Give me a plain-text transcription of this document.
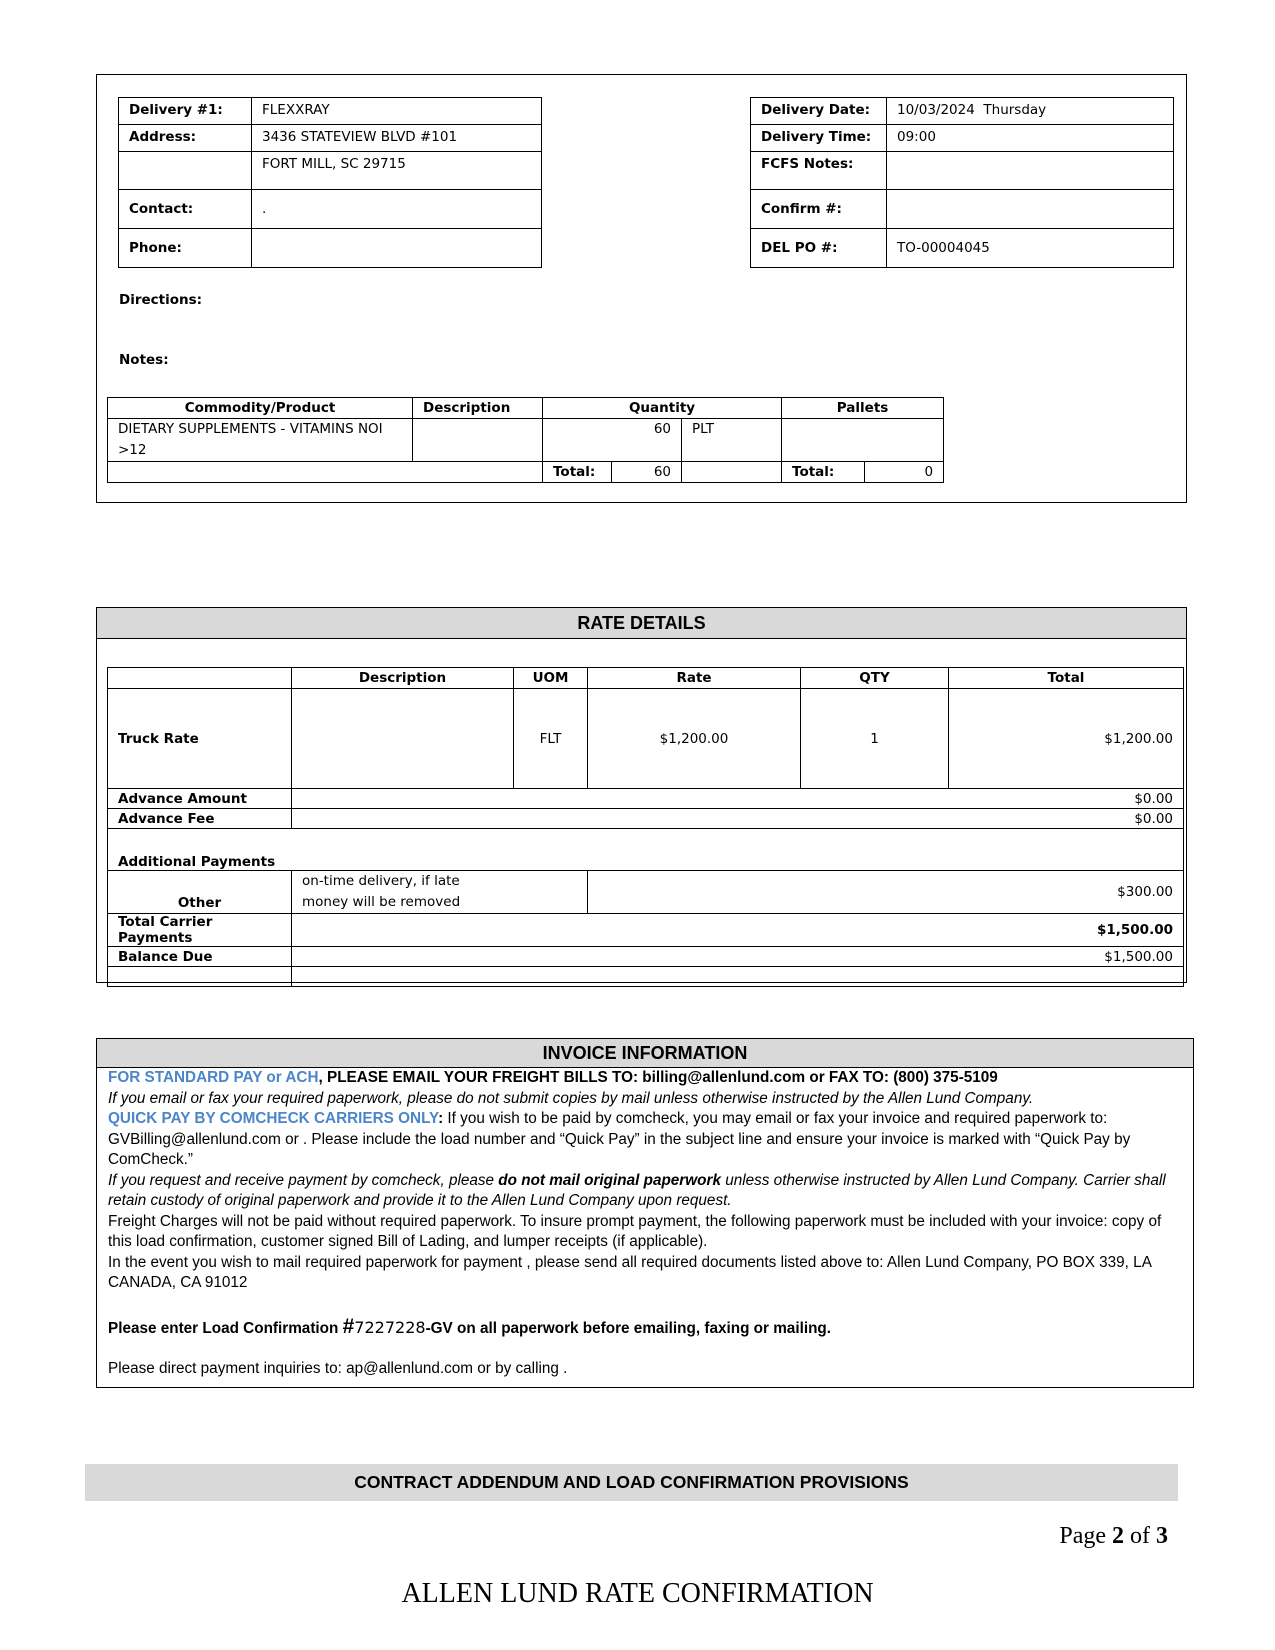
Delivery #1:	FLEXXRAY
Address:	3436 STATEVIEW BLVD #101
	FORT MILL, SC 29715
Contact:	.
Phone:	
Delivery Date:	10/03/2024  Thursday
Delivery Time:	09:00
FCFS Notes:	
Confirm #:	
DEL PO #:	TO-00004045
Directions:
Notes:
Commodity/Product	Description	Quantity			Pallets	

DIETARY SUPPLEMENTS - VITAMINS NOI
>12		60		PLT		
		Total:	60		Total:	0
RATE DETAILS
	Description	UOM	Rate	QTY	Total
Truck Rate		FLT	$1,200.00	1	$1,200.00
Advance Amount	$0.00				
Advance Fee	$0.00				
Additional Payments					
Other	on-time delivery, if late
money will be removed		$300.00		
Total Carrier Payments	$1,500.00				
Balance Due	$1,500.00				

INVOICE INFORMATION

FOR STANDARD PAY or ACH, PLEASE EMAIL YOUR FREIGHT BILLS TO: billing@allenlund.com or FAX TO: (800) 375-5109

If you email or fax your required paperwork, please do not submit copies by mail unless otherwise instructed by the Allen Lund Company.

QUICK PAY BY COMCHECK CARRIERS ONLY: If you wish to be paid by comcheck, you may email or fax your invoice and required paperwork to: GVBilling@allenlund.com or . Please include the load number and “Quick Pay” in the subject line and ensure your invoice is marked with “Quick Pay by ComCheck.”

If you request and receive payment by comcheck, please do not mail original paperwork unless otherwise instructed by Allen Lund Company. Carrier shall retain custody of original paperwork and provide it to the Allen Lund Company upon request.

Freight Charges will not be paid without required paperwork. To insure prompt payment, the following paperwork must be included with your invoice: copy of this load confirmation, customer signed Bill of Lading, and lumper receipts (if applicable).

In the event you wish to mail required paperwork for payment , please send all required documents listed above to: Allen Lund Company, PO BOX 339, LA CANADA, CA 91012

Please enter Load Confirmation #7227228-GV on all paperwork before emailing, faxing or mailing.

Please direct payment inquiries to: ap@allenlund.com or by calling .

CONTRACT ADDENDUM AND LOAD CONFIRMATION PROVISIONS
Page 2 of 3
ALLEN LUND RATE CONFIRMATION
